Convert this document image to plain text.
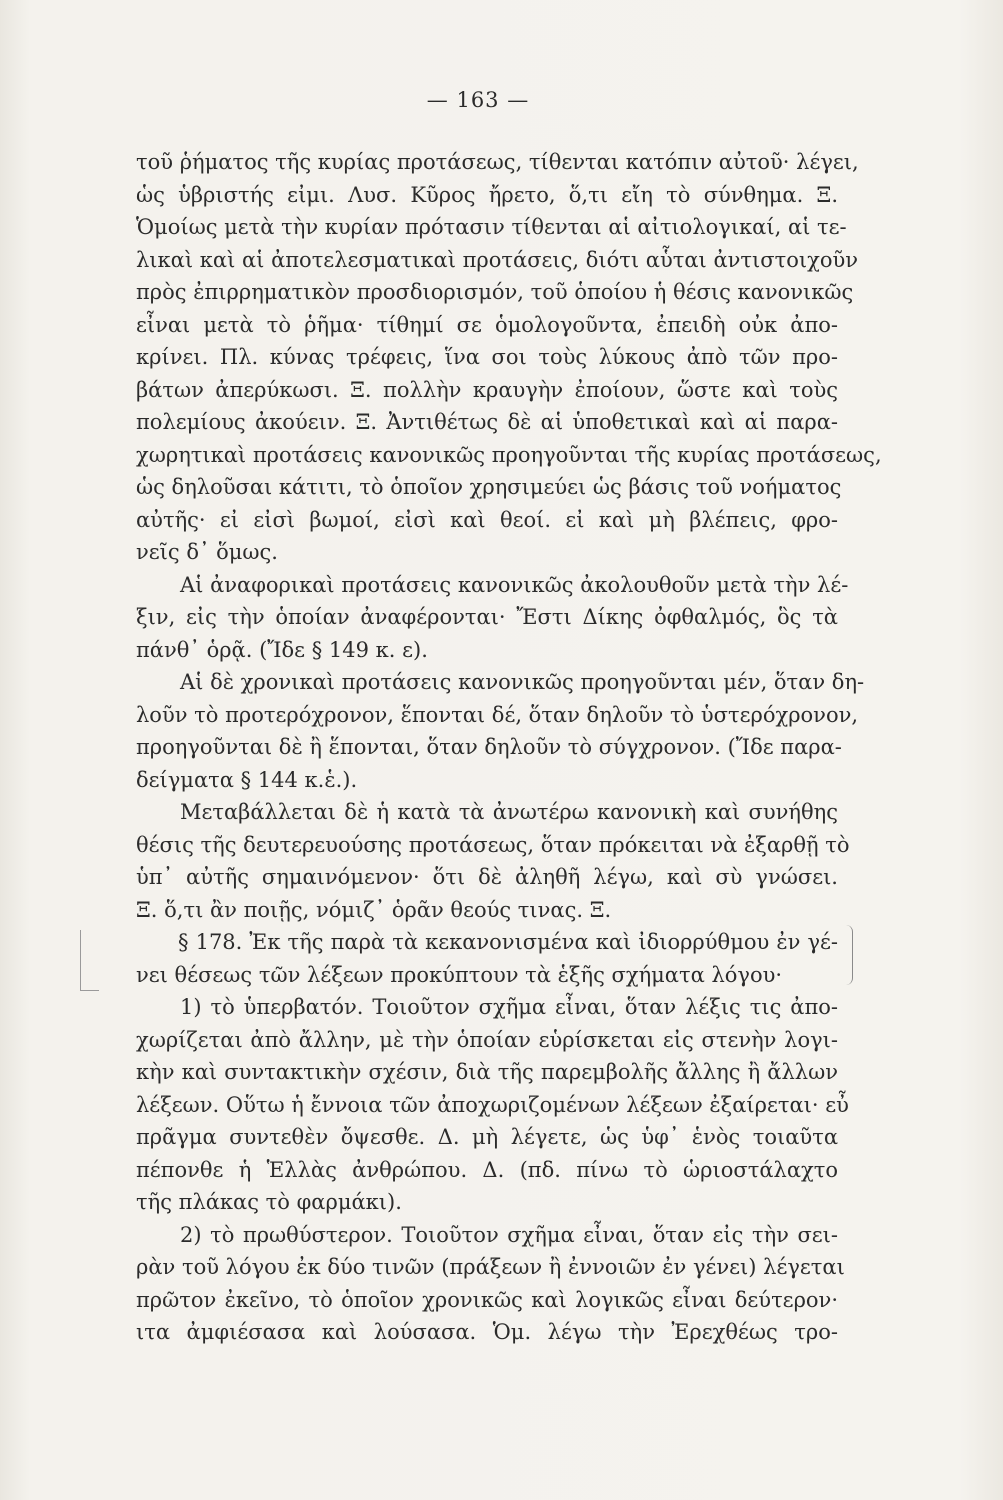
— 163 —
τοῦ ῥήματος τῆς κυρίας προτάσεως, τίθενται κατόπιν αὐτοῦ· λέγει,
ὡς ὑβριστής εἰμι. Λυσ. Κῦρος ἤρετο, ὅ,τι εἴη τὸ σύνθημα. Ξ.
Ὁμοίως μετὰ τὴν κυρίαν πρότασιν τίθενται αἱ αἰτιολογικαί, αἱ τε-
λικαὶ καὶ αἱ ἀποτελεσματικαὶ προτάσεις, διότι αὗται ἀντιστοιχοῦν
πρὸς ἐπιρρηματικὸν προσδιορισμόν, τοῦ ὁποίου ἡ θέσις κανονικῶς
εἶναι μετὰ τὸ ῥῆμα· τίθημί σε ὁμολογοῦντα, ἐπειδὴ οὐκ ἀπο-
κρίνει. Πλ. κύνας τρέφεις, ἵνα σοι τοὺς λύκους ἀπὸ τῶν προ-
βάτων ἀπερύκωσι. Ξ. πολλὴν κραυγὴν ἐποίουν, ὥστε καὶ τοὺς
πολεμίους ἀκούειν. Ξ. Ἀντιθέτως δὲ αἱ ὑποθετικαὶ καὶ αἱ παρα-
χωρητικαὶ προτάσεις κανονικῶς προηγοῦνται τῆς κυρίας προτάσεως,
ὡς δηλοῦσαι κάτιτι, τὸ ὁποῖον χρησιμεύει ὡς βάσις τοῦ νοήματος
αὐτῆς· εἰ εἰσὶ βωμοί, εἰσὶ καὶ θεοί. εἰ καὶ μὴ βλέπεις, φρο-
νεῖς δ᾽ ὅμως.
Αἱ ἀναφορικαὶ προτάσεις κανονικῶς ἀκολουθοῦν μετὰ τὴν λέ-
ξιν, εἰς τὴν ὁποίαν ἀναφέρονται· Ἔστι Δίκης ὀφθαλμός, ὃς τὰ
πάνθ᾽ ὁρᾷ. (Ἴδε § 149 κ. ε).
Αἱ δὲ χρονικαὶ προτάσεις κανονικῶς προηγοῦνται μέν, ὅταν δη-
λοῦν τὸ προτερόχρονον, ἕπονται δέ, ὅταν δηλοῦν τὸ ὑστερόχρονον,
προηγοῦνται δὲ ἢ ἕπονται, ὅταν δηλοῦν τὸ σύγχρονον. (Ἴδε παρα-
δείγματα § 144 κ.ἑ.).
Μεταβάλλεται δὲ ἡ κατὰ τὰ ἀνωτέρω κανονικὴ καὶ συνήθης
θέσις τῆς δευτερευούσης προτάσεως, ὅταν πρόκειται νὰ ἐξαρθῇ τὸ
ὑπ᾽ αὐτῆς σημαινόμενον· ὅτι δὲ ἀληθῆ λέγω, καὶ σὺ γνώσει.
Ξ. ὅ,τι ἂν ποιῇς, νόμιζ᾽ ὁρᾶν θεούς τινας. Ξ.
§ 178. Ἐκ τῆς παρὰ τὰ κεκανονισμένα καὶ ἰδιορρύθμου ἐν γέ-
νει θέσεως τῶν λέξεων προκύπτουν τὰ ἑξῆς σχήματα λόγου·
1) τὸ ὑπερβατόν. Τοιοῦτον σχῆμα εἶναι, ὅταν λέξις τις ἀπο-
χωρίζεται ἀπὸ ἄλλην, μὲ τὴν ὁποίαν εὑρίσκεται εἰς στενὴν λογι-
κὴν καὶ συντακτικὴν σχέσιν, διὰ τῆς παρεμβολῆς ἄλλης ἢ ἄλλων
λέξεων. Οὕτω ἡ ἔννοια τῶν ἀποχωριζομένων λέξεων ἐξαίρεται· εὖ
πρᾶγμα συντεθὲν ὄψεσθε. Δ. μὴ λέγετε, ὡς ὑφ᾽ ἑνὸς τοιαῦτα
πέπονθε ἡ Ἑλλὰς ἀνθρώπου. Δ. (πδ. πίνω τὸ ὡριοστάλαχτο
τῆς πλάκας τὸ φαρμάκι).
2) τὸ πρωθύστερον. Τοιοῦτον σχῆμα εἶναι, ὅταν εἰς τὴν σει-
ρὰν τοῦ λόγου ἐκ δύο τινῶν (πράξεων ἢ ἐννοιῶν ἐν γένει) λέγεται
πρῶτον ἐκεῖνο, τὸ ὁποῖον χρονικῶς καὶ λογικῶς εἶναι δεύτερον·
ιτα ἀμφιέσασα καὶ λούσασα. Ὁμ. λέγω τὴν Ἐρεχθέως τρο-
